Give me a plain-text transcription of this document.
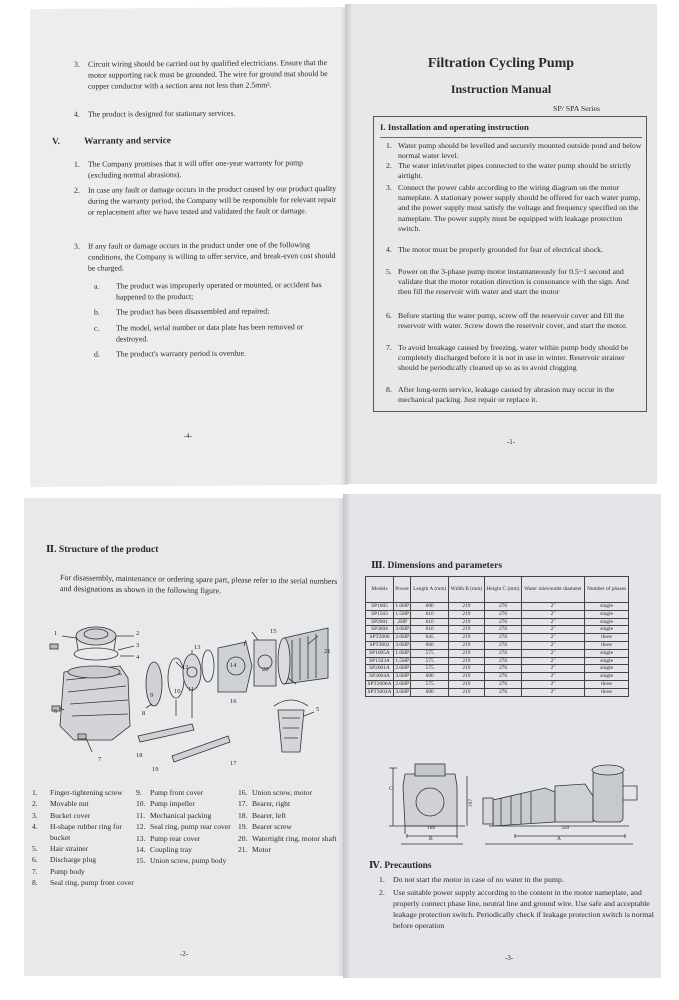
3. Circuit wiring should be carried out by qualified electricians. Ensure that the motor supporting rack must be grounded. The wire for ground mat should be copper conductor with a section area not less than 2.5mm².
4. The product is designed for stationary services.
V.	Warranty and service
1. The Company promises that it will offer one-year warranty for pump (excluding normal abrasions).
2. In case any fault or damage occurs in the product caused by our product quality during the warranty period, the Company will be responsible for relevant repair or replacement after we have tested and validated the fault or damage.
3. If any fault or damage occurs in the product under one of the following conditions, the Company is willing to offer service, and break-even cost should be charged.
a. The product was improperly operated or mounted, or accident has happened to the product;
b. The product has been disassembled and repaired;
c. The model, serial number or data plate has been removed or destroyed.
d. The product's warranty period is overdue.
-4-
Filtration Cycling Pump
Instruction Manual
SP/ SPA Series
I. Installation and operating instruction
1. Water pump should be levelled and securely mounted outside pond and below normal water level.
2. The water inlet/outlet pipes connected to the water pump should be strictly airtight.
3. Connect the power cable according to the wiring diagram on the motor nameplate. A stationary power supply should be offered for each water pump, and the power supply must satisfy the voltage and frequency specified on the nameplate. The power supply must be equipped with leakage protection switch.
4. The motor must be properly grounded for fear of electrical shock.
5. Power on the 3-phase pump motor instantaneously for 0.5~1 second and validate that the motor rotation direction is consonance with the sign. And then fill the reservoir with water and start the motor
6. Before starting the water pump, screw off the reservoir cover and fill the reservoir with water. Screw down the reservoir cover, and start the motor.
7. To avoid breakage caused by freezing, water within pump body should be completely discharged before it is not in use in winter. Reservoir strainer should be periodically cleaned up so as to avoid clogging
8. After long-term service, leakage caused by abrasion may occur in the mechanical packing. Just repair or replace it.
-1-
Ⅱ. Structure of the product
For disassembly, maintenance or ordering spare part, please refer to the serial numbers and designations as shown in the following figure.
1	2
3
4
5
6
7
8
9
10 11
12
13
14
15
16
17
18
19
20
21
1. Finger-tightening screw
2. Movable nut
3. Bucket cover
4. H-shape rubber ring for bucket
5. Hair strainer
6. Discharge plug
7. Pump body
8. Seal ring, pump front cover
9. Pump front cover
10. Pump impeller
11. Mechanical packing
12. Seal ring, pump rear cover
13. Pump rear cover
14. Coupling tray
15. Union screw, pump body
16. Union screw, motor
17. Bearer, right
18. Bearer, left
19. Bearer screw
20. Watertight ring, motor shaft
21. Motor
-2-
Ⅲ. Dimensions and parameters
Models	Power	Length A (mm)	Width B (mm)	Height C (mm)	Water inlet/outlet diameter	Number of phases
SP1005	1.0HP	600	219	276	2"	single
SP1503	1.5HP	610	219	276	2"	single
SP2001	2HP	610	219	276	2"	single
SP3004	3.0HP	610	219	276	2"	single
SPT2006	2.0HP	645	219	276	2"	three
SPT3002	3.0HP	660	219	276	2"	three
SP1005A	1.0HP	575	219	276	2"	single
SP1503A	1.5HP	575	219	276	2"	single
SP2001A	2.0HP	575	219	276	2"	single
SP3004A	3.0HP	600	219	276	2"	single
SPT2006A	2.0HP	575	219	276	2"	three
SPT3002A	3.0HP	600	219	276	2"	three
C
197
180
B
320
A
Ⅳ. Precautions
1. Do not start the motor in case of no water in the pump.
2. Use suitable power supply according to the content in the motor nameplate, and properly connect phase line, neutral line and ground wire. Use safe and acceptable leakage protection switch. Periodically check if leakage protection switch is normal before operation
-3-
